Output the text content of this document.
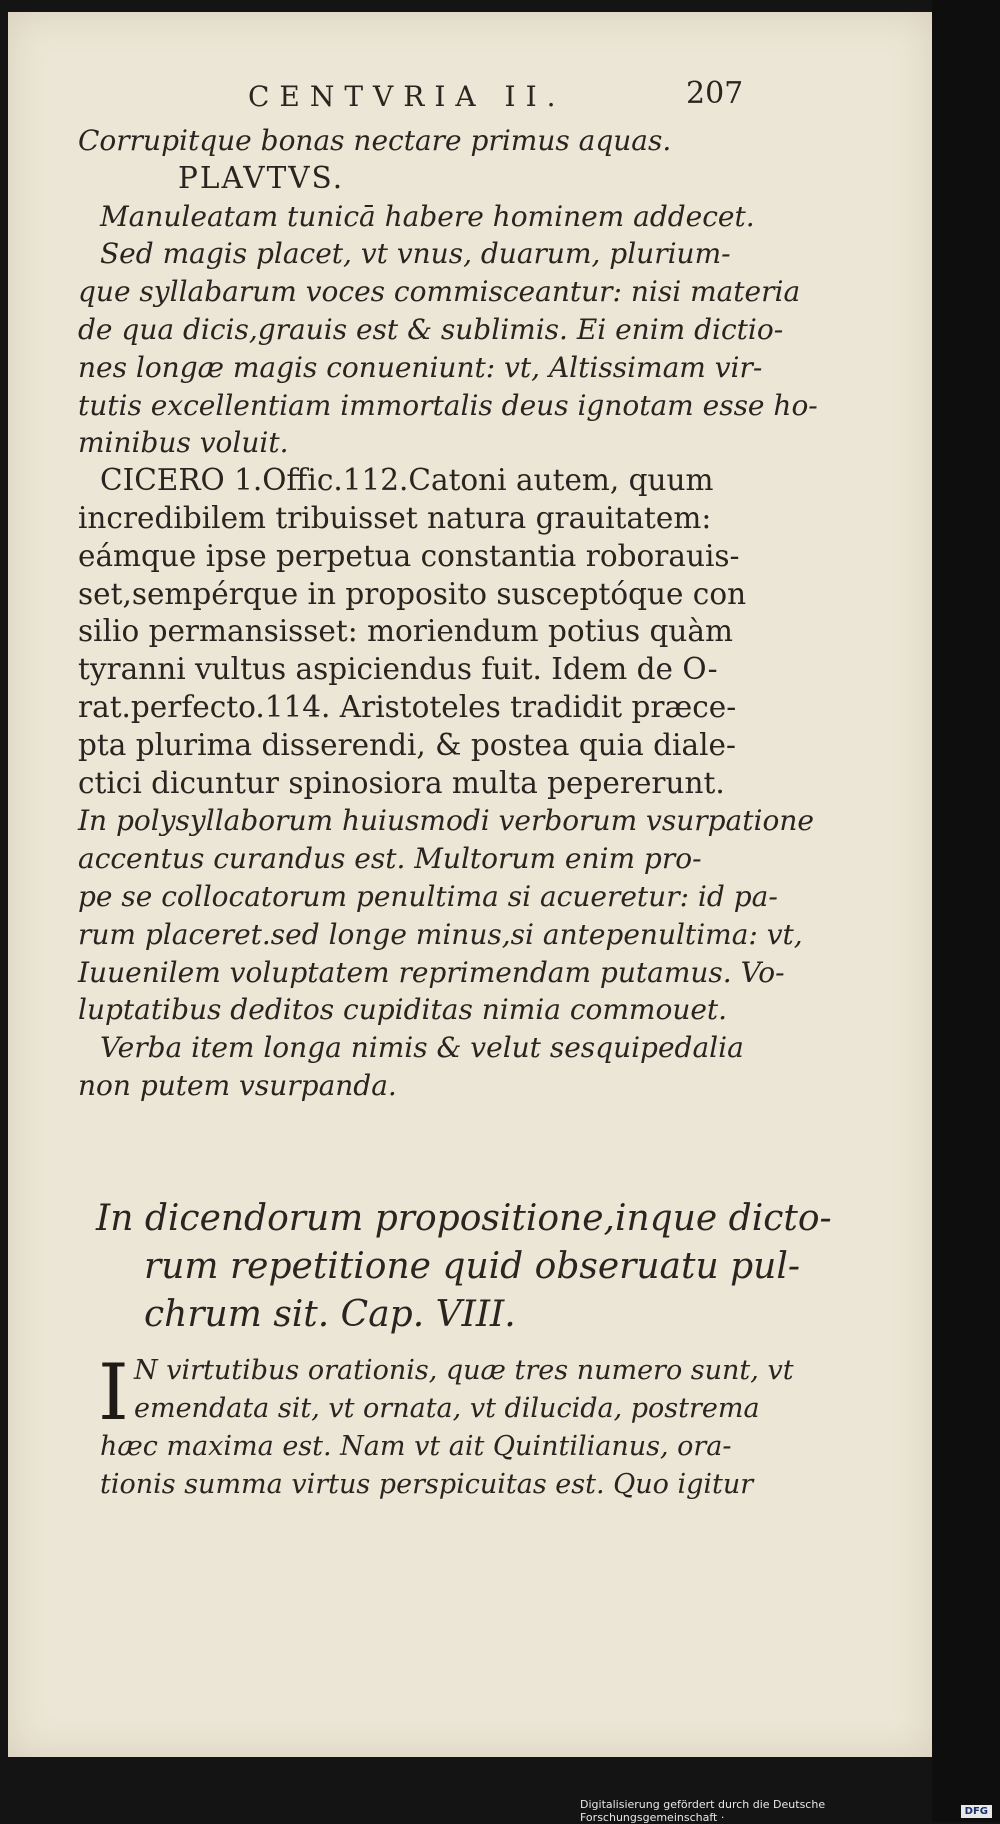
CENTVRIA II.	207
Corrupitque bonas nectare primus aquas.
PLAVTVS.
Manuleatam tunicā habere hominem addecet.
Sed magis placet, vt vnus, duarum, plurium-
que syllabarum voces commisceantur: nisi materia
de qua dicis,grauis est & sublimis. Ei enim dictio-
nes longæ magis conueniunt: vt, Altissimam vir-
tutis excellentiam immortalis deus ignotam esse ho-
minibus voluit.
CICERO 1.Offic.112.Catoni autem, quum
incredibilem tribuisset natura grauitatem:
eámque ipse perpetua constantia roborauis-
set,sempérque in proposito susceptóque con
silio permansisset: moriendum potius quàm
tyranni vultus aspiciendus fuit. Idem de O-
rat.perfecto.114. Aristoteles tradidit præce-
pta plurima disserendi, & postea quia diale-
ctici dicuntur spinosiora multa pepererunt.
In polysyllaborum huiusmodi verborum vsurpatione
accentus curandus est. Multorum enim pro-
pe se collocatorum penultima si acueretur: id pa-
rum placeret.sed longe minus,si antepenultima: vt,
Iuuenilem voluptatem reprimendam putamus. Vo-
luptatibus deditos cupiditas nimia commouet.
Verba item longa nimis & velut sesquipedalia
non putem vsurpanda.
In dicendorum propositione,inque dicto-
rum repetitione quid obseruatu pul-
chrum sit. Cap. VIII.
I N virtutibus orationis, quæ tres numero sunt, vt
emendata sit, vt ornata, vt dilucida, postrema
hæc maxima est. Nam vt ait Quintilianus, ora-
tionis summa virtus perspicuitas est. Quo igitur
Digitalisierung gefördert durch die Deutsche Forschungsgemeinschaft ·	DFG
